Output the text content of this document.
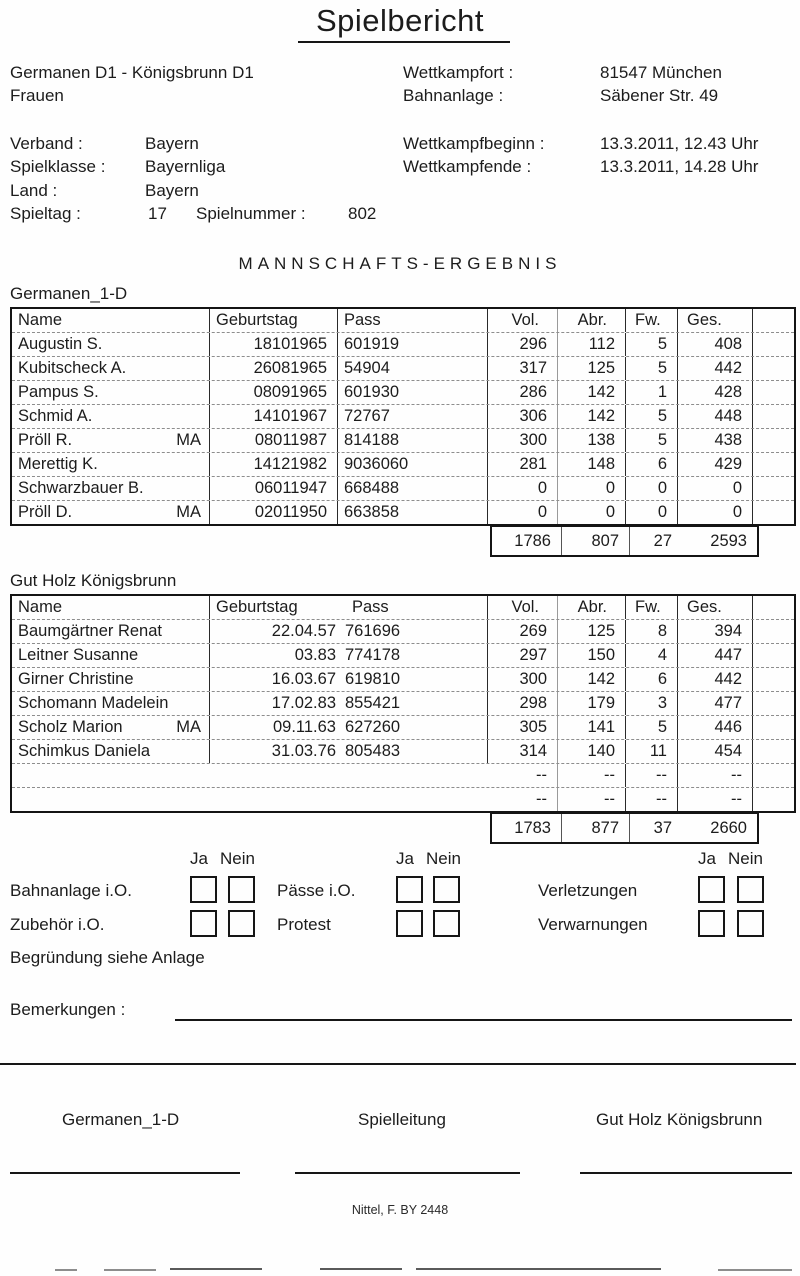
Spielbericht
Germanen D1 - Königsbrunn D1
Frauen
Wettkampfort :	81547 München
Bahnanlage :	Säbener Str. 49
Verband :	Bayern
Spielklasse : Bayernliga
Land :	Bayern
Spieltag :	17 Spielnummer : 802
Wettkampfbeginn :	13.3.2011, 12.43 Uhr
Wettkampfende :	13.3.2011, 14.28 Uhr
MANNSCHAFTS-ERGEBNIS
Germanen_1-D
Name	Geburtstag	Pass	Vol.	Abr.	Fw.	Ges.
Augustin S.	18101965	601919	296	112	5	408
Kubitscheck A.	26081965	54904	317	125	5	442
Pampus S.	08091965	601930	286	142	1	428
Schmid A.	14101967	72767	306	142	5	448
Pröll R.	MA	08011987	814188	300	138	5	438
Merettig K.	14121982	9036060	281	148	6	429
Schwarzbauer B.	06011947	668488	0	0	0	0
Pröll D.	MA	02011950	663858	0	0	0	0
1786	807	27	2593
Gut Holz Königsbrunn
Name	Geburtstag	Pass	Vol.	Abr.	Fw.	Ges.
Baumgärtner Renat	22.04.57 761696	269	125	8	394
Leitner Susanne	03.83 774178	297	150	4	447
Girner Christine	16.03.67 619810	300	142	6	442
Schomann Madelein	17.02.83 855421	298	179	3	477
Scholz Marion	MA	09.11.63 627260	305	141	5	446
Schimkus Daniela	31.03.76 805483	314	140	11	454
--	--	--	--
--	--	--	--
1783	877	37	2660
Ja Nein	Ja Nein	Ja Nein
Bahnanlage i.O.	Pässe i.O.	Verletzungen
Zubehör i.O.	Protest	Verwarnungen
Begründung siehe Anlage
Bemerkungen :
Germanen_1-D	Spielleitung	Gut Holz Königsbrunn
Nittel, F. BY 2448
